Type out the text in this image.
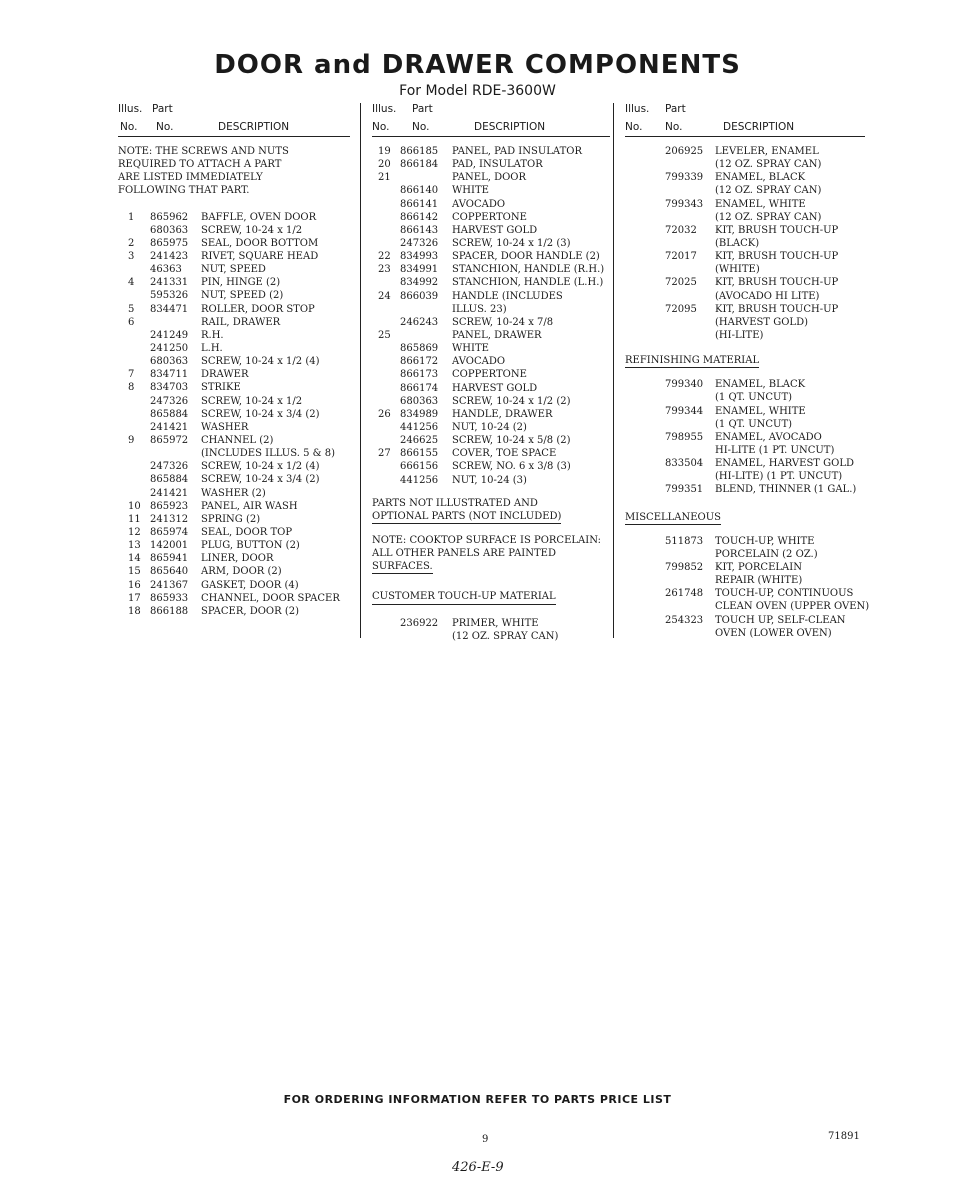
DOOR and DRAWER COMPONENTS
For Model RDE-3600W
Illus. Part
No. No.	DESCRIPTION
NOTE: THE SCREWS AND NUTS
REQUIRED TO ATTACH A PART
ARE LISTED IMMEDIATELY
FOLLOWING THAT PART.
1 865962 BAFFLE, OVEN DOOR
680363 SCREW, 10-24 x 1/2
2 865975 SEAL, DOOR BOTTOM
3 241423 RIVET, SQUARE HEAD
46363 NUT, SPEED
4 241331 PIN, HINGE (2)
595326 NUT, SPEED (2)
5 834471 ROLLER, DOOR STOP
6	RAIL, DRAWER
241249 R.H.
241250 L.H.
680363 SCREW, 10-24 x 1/2 (4)
7 834711 DRAWER
8 834703 STRIKE
247326 SCREW, 10-24 x 1/2
865884 SCREW, 10-24 x 3/4 (2)
241421 WASHER
9 865972 CHANNEL (2)
(INCLUDES ILLUS. 5 & 8)
247326 SCREW, 10-24 x 1/2 (4)
865884 SCREW, 10-24 x 3/4 (2)
241421 WASHER (2)
10 865923 PANEL, AIR WASH
11 241312 SPRING (2)
12 865974 SEAL, DOOR TOP
13 142001 PLUG, BUTTON (2)
14 865941 LINER, DOOR
15 865640 ARM, DOOR (2)
16 241367 GASKET, DOOR (4)
17 865933 CHANNEL, DOOR SPACER
18 866188 SPACER, DOOR (2)
Illus. Part
No. No.	DESCRIPTION
19 866185 PANEL, PAD INSULATOR
20 866184 PAD, INSULATOR
21	PANEL, DOOR
866140 WHITE
866141 AVOCADO
866142 COPPERTONE
866143 HARVEST GOLD
247326 SCREW, 10-24 x 1/2 (3)
22 834993 SPACER, DOOR HANDLE (2)
23 834991 STANCHION, HANDLE (R.H.)
834992 STANCHION, HANDLE (L.H.)
24 866039 HANDLE (INCLUDES
ILLUS. 23)
246243 SCREW, 10-24 x 7/8
25	PANEL, DRAWER
865869 WHITE
866172 AVOCADO
866173 COPPERTONE
866174 HARVEST GOLD
680363 SCREW, 10-24 x 1/2 (2)
26 834989 HANDLE, DRAWER
441256 NUT, 10-24 (2)
246625 SCREW, 10-24 x 5/8 (2)
27 866155 COVER, TOE SPACE
666156 SCREW, NO. 6 x 3/8 (3)
441256 NUT, 10-24 (3)
PARTS NOT ILLUSTRATED AND
OPTIONAL PARTS (NOT INCLUDED)
NOTE: COOKTOP SURFACE IS PORCELAIN:
ALL OTHER PANELS ARE PAINTED
SURFACES.
CUSTOMER TOUCH-UP MATERIAL
236922 PRIMER, WHITE
(12 OZ. SPRAY CAN)
Illus. Part
No. No.	DESCRIPTION
206925 LEVELER, ENAMEL
(12 OZ. SPRAY CAN)
799339 ENAMEL, BLACK
(12 OZ. SPRAY CAN)
799343 ENAMEL, WHITE
(12 OZ. SPRAY CAN)
72032 KIT, BRUSH TOUCH-UP
(BLACK)
72017 KIT, BRUSH TOUCH-UP
(WHITE)
72025 KIT, BRUSH TOUCH-UP
(AVOCADO HI LITE)
72095 KIT, BRUSH TOUCH-UP
(HARVEST GOLD)
(HI-LITE)
REFINISHING MATERIAL
799340 ENAMEL, BLACK
(1 QT. UNCUT)
799344 ENAMEL, WHITE
(1 QT. UNCUT)
798955 ENAMEL, AVOCADO
HI-LITE (1 PT. UNCUT)
833504 ENAMEL, HARVEST GOLD
(HI-LITE) (1 PT. UNCUT)
799351 BLEND, THINNER (1 GAL.)
MISCELLANEOUS
511873 TOUCH-UP, WHITE
PORCELAIN (2 OZ.)
799852 KIT, PORCELAIN
REPAIR (WHITE)
261748 TOUCH-UP, CONTINUOUS
CLEAN OVEN (UPPER OVEN)
254323 TOUCH UP, SELF-CLEAN
OVEN (LOWER OVEN)
FOR ORDERING INFORMATION REFER TO PARTS PRICE LIST
9	71891
426-E-9
